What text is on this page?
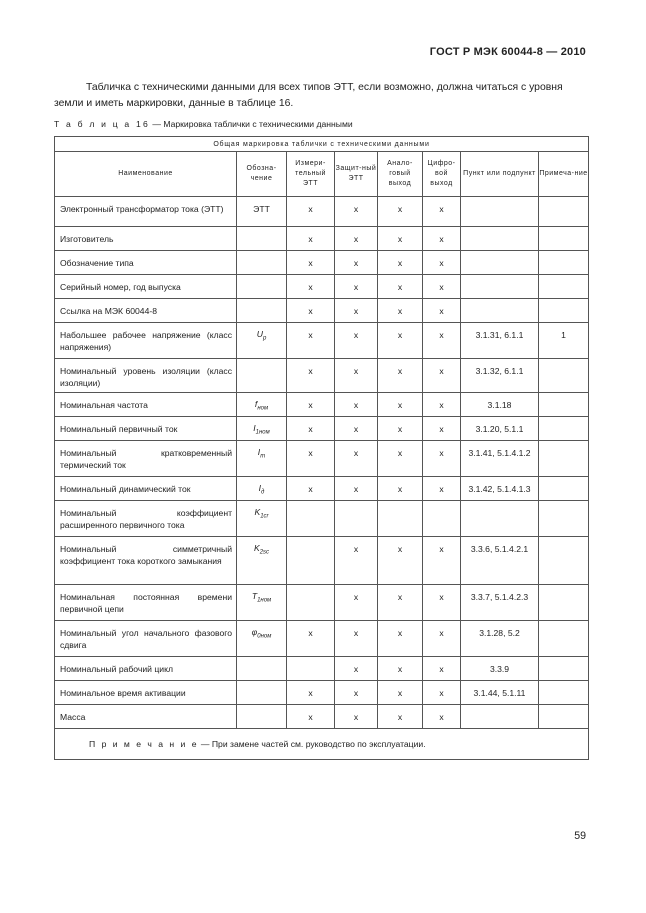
ГОСТ Р МЭК 60044-8 — 2010

Табличка с техническими данными для всех типов ЭТТ, если возможно, должна читаться с уровня земли и иметь маркировки, данные в таблице 16.

Т а б л и ц а 16 — Маркировка таблички с техническими данными
Общая маркировка таблички с техническими данными							
Наименование	Обозна-чение	Измери-тельный ЭТТ	Защит-ный ЭТТ	Анало-говый выход	Цифро-вой выход	Пункт или подпункт	Примеча-ние
Электронный трансформатор тока (ЭТТ)	ЭТТ	x	x	x	x		
Изготовитель		x	x	x	x		
Обозначение типа		x	x	x	x		
Серийный номер, год выпуска		x	x	x	x		
Ссылка на МЭК 60044-8		x	x	x	x		
Набольшее рабочее напряжение (класс напряжения)	$U_р$	x	x	x	x	3.1.31, 6.1.1	1
Номинальный уровень изоляции (класс изоляции)		x	x	x	x	3.1.32, 6.1.1	
Номинальная частота	$f_{ном}$	x	x	x	x	3.1.18	
Номинальный первичный ток	$I_{1ном}$	x	x	x	x	3.1.20, 5.1.1	
Номинальный кратковременный термический ток	$I_т$	x	x	x	x	3.1.41, 5.1.4.1.2	
Номинальный динамический ток	$I_д$	x	x	x	x	3.1.42, 5.1.4.1.3	
Номинальный коэффициент расширенного первичного тока	$K_{1сr}$						
Номинальный симметричный коэффициент тока короткого замыкания	$K_{2sc}$		x	x	x	3.3.6, 5.1.4.2.1	
Номинальная постоянная времени первичной цепи	$T_{1ном}$		x	x	x	3.3.7, 5.1.4.2.3	
Номинальный угол начального фазового сдвига	$\varphi_{0ном}$	x	x	x	x	3.1.28, 5.2	
Номинальный рабочий цикл			x	x	x	3.3.9	
Номинальное время активации		x	x	x	x	3.1.44, 5.1.11	
Масса		x	x	x	x		
П р и м е ч а н и е — При замене частей см. руководство по эксплуатации.							
59
